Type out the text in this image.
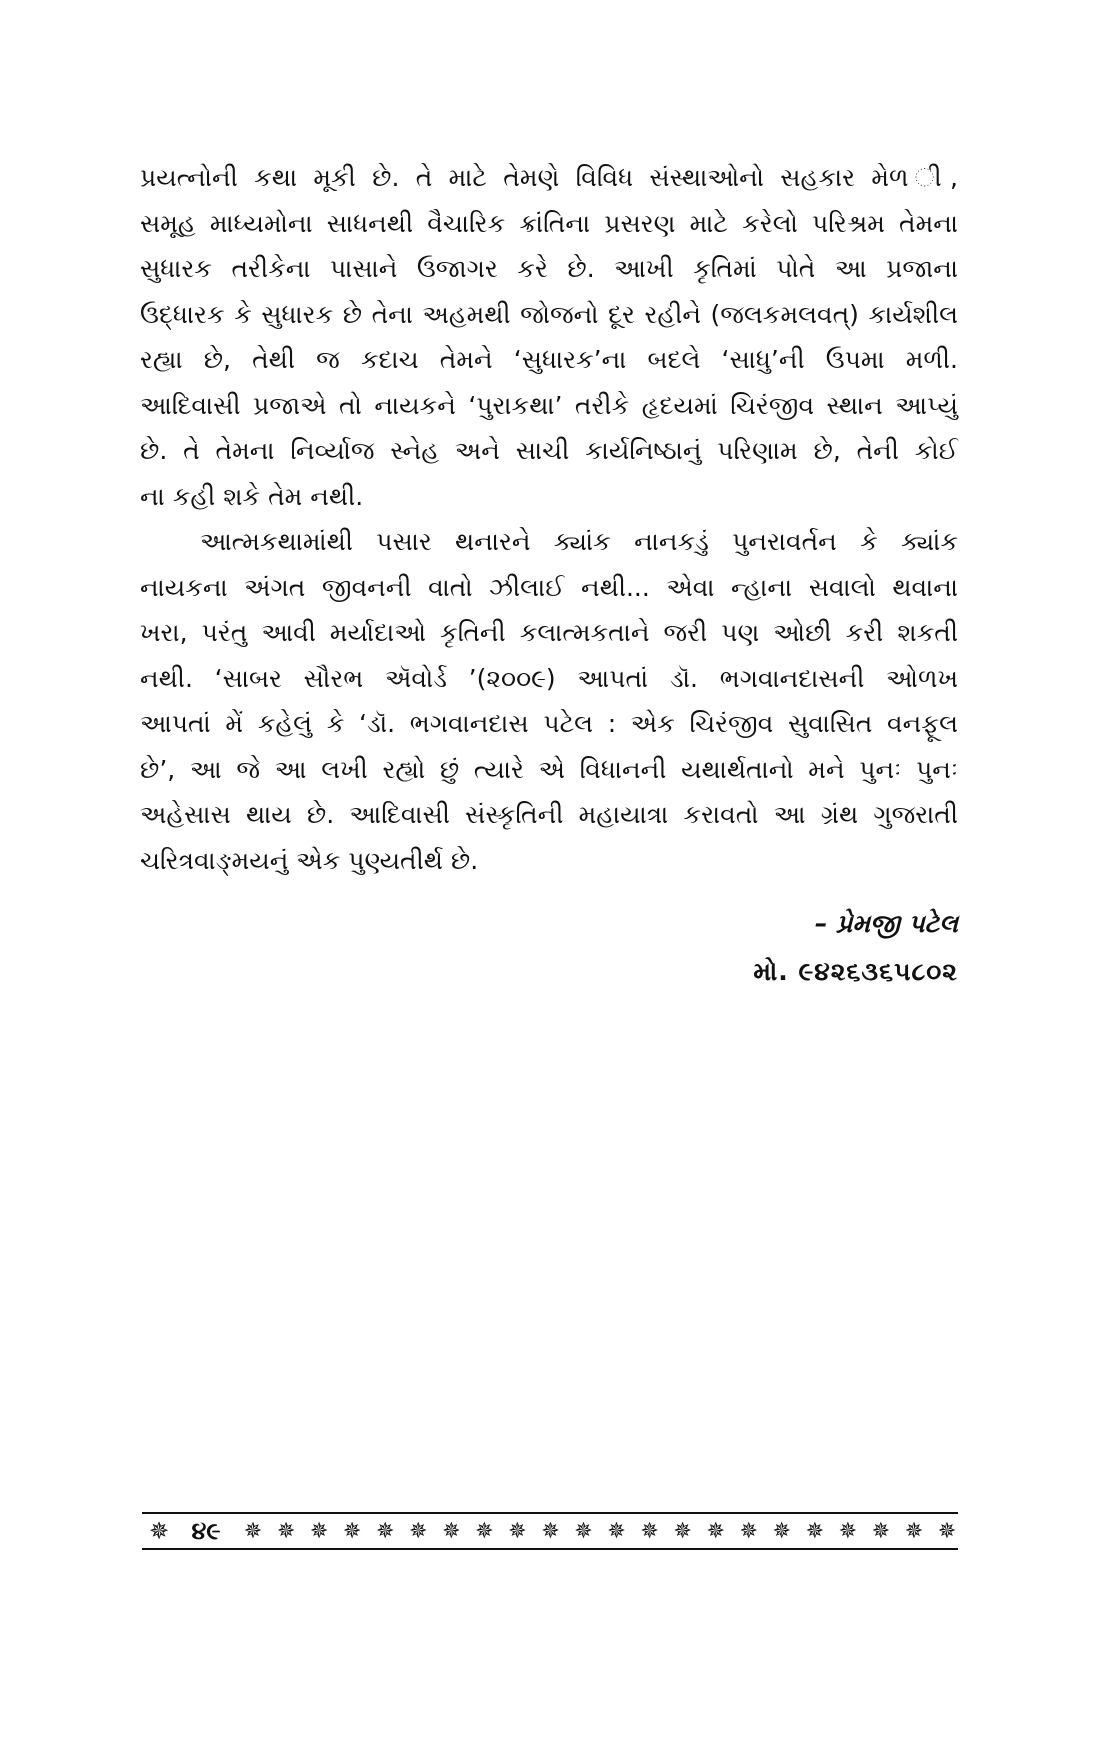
પ્રયત્નોની કથા મૂકી છે. તે માટે તેમણે વિવિધ સંસ્થાઓનો સહકાર મેળ ી,
સમૂહ માધ્યમોના સાધનથી વૈચારિક ક્રાંતિના પ્રસરણ માટે કરેલો પરિશ્રમ તેમના
સુધારક તરીકેના પાસાને ઉજાગર કરે છે. આખી કૃતિમાં પોતે આ પ્રજાના
ઉદ્ધારક કે સુધારક છે તેના અહમથી જોજનો દૂર રહીને (જલકમલવત્) કાર્યશીલ
રહ્યા છે, તેથી જ કદાચ તેમને ‘સુધારક’ના બદલે ‘સાધુ’ની ઉપમા મળી.
આદિવાસી પ્રજાએ તો નાયકને ‘પુરાકથા’ તરીકે હૃદયમાં ચિરંજીવ સ્થાન આપ્યું
છે. તે તેમના નિર્વ્યાજ સ્નેહ અને સાચી કાર્યનિષ્ઠાનું પરિણામ છે, તેની કોઈ
ના કહી શકે તેમ નથી.

આત્મકથામાંથી પસાર થનારને ક્યાંક નાનકડું પુનરાવર્તન કે ક્યાંક
નાયકના અંગત જીવનની વાતો ઝીલાઈ નથી... એવા ન્હાના સવાલો થવાના
ખરા, પરંતુ આવી મર્યાદાઓ કૃતિની કલાત્મકતાને જરી પણ ઓછી કરી શકતી
નથી. ‘સાબર સૌરભ ઍવોર્ડ ’(૨૦૦૯) આપતાં ડૉ. ભગવાનદાસની ઓળખ
આપતાં મેં કહેલું કે ‘ડૉ. ભગવાનદાસ પટેલ : એક ચિરંજીવ સુવાસિત વનફૂલ
છે’, આ જે આ લખી રહ્યો છું ત્યારે એ વિધાનની યથાર્થતાનો મને પુનઃ પુનઃ
અહેસાસ થાય છે. આદિવાસી સંસ્કૃતિની મહાયાત્રા કરાવતો આ ગ્રંથ ગુજરાતી
ચરિત્રવાઙ્મયનું એક પુણ્યતીર્થ છે.

– પ્રેમજી પટેલ
મો. ૯૪૨૬૩૬૫૮૦૨
✵ ૪૯	✵ ✵ ✵ ✵ ✵ ✵ ✵ ✵ ✵ ✵ ✵ ✵ ✵ ✵ ✵ ✵ ✵ ✵ ✵ ✵ ✵ ✵
